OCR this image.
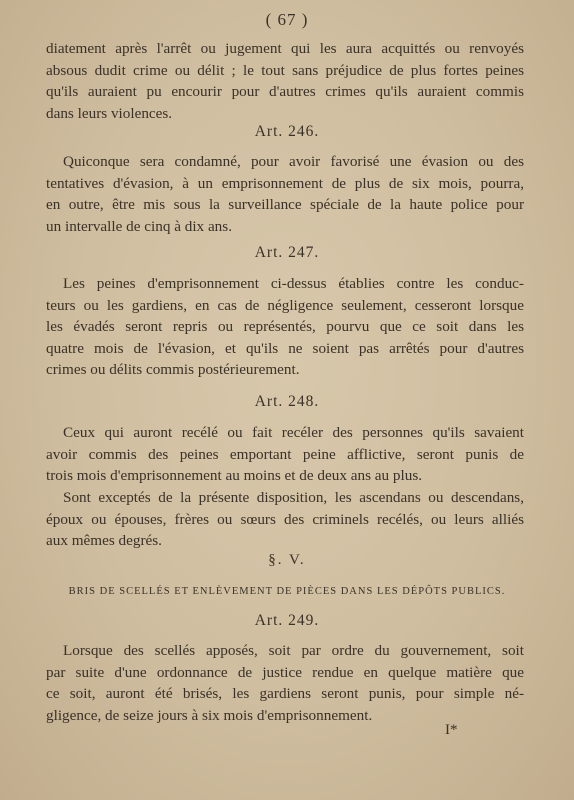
( 67 )
diatement après l'arrêt ou jugement qui les aura acquittés ou renvoyés
absous dudit crime ou délit ; le tout sans préjudice de plus fortes peines
qu'ils auraient pu encourir pour d'autres crimes qu'ils auraient commis
dans leurs violences.
Art. 246.
Quiconque sera condamné, pour avoir favorisé une évasion ou des
tentatives d'évasion, à un emprisonnement de plus de six mois, pourra,
en outre, être mis sous la surveillance spéciale de la haute police pour
un intervalle de cinq à dix ans.
Art. 247.
Les peines d'emprisonnement ci-dessus établies contre les conduc-
teurs ou les gardiens, en cas de négligence seulement, cesseront lorsque
les évadés seront repris ou représentés, pourvu que ce soit dans les
quatre mois de l'évasion, et qu'ils ne soient pas arrêtés pour d'autres
crimes ou délits commis postérieurement.
Art. 248.
Ceux qui auront recélé ou fait recéler des personnes qu'ils savaient
avoir commis des peines emportant peine afflictive, seront punis de
trois mois d'emprisonnement au moins et de deux ans au plus.
Sont exceptés de la présente disposition, les ascendans ou descendans,
époux ou épouses, frères ou sœurs des criminels recélés, ou leurs alliés
aux mêmes degrés.
§. V.
BRIS DE SCELLÉS ET ENLÈVEMENT DE PIÈCES DANS LES DÉPÔTS PUBLICS.
Art. 249.
Lorsque des scellés apposés, soit par ordre du gouvernement, soit
par suite d'une ordonnance de justice rendue en quelque matière que
ce soit, auront été brisés, les gardiens seront punis, pour simple né-
gligence, de seize jours à six mois d'emprisonnement.
I*
